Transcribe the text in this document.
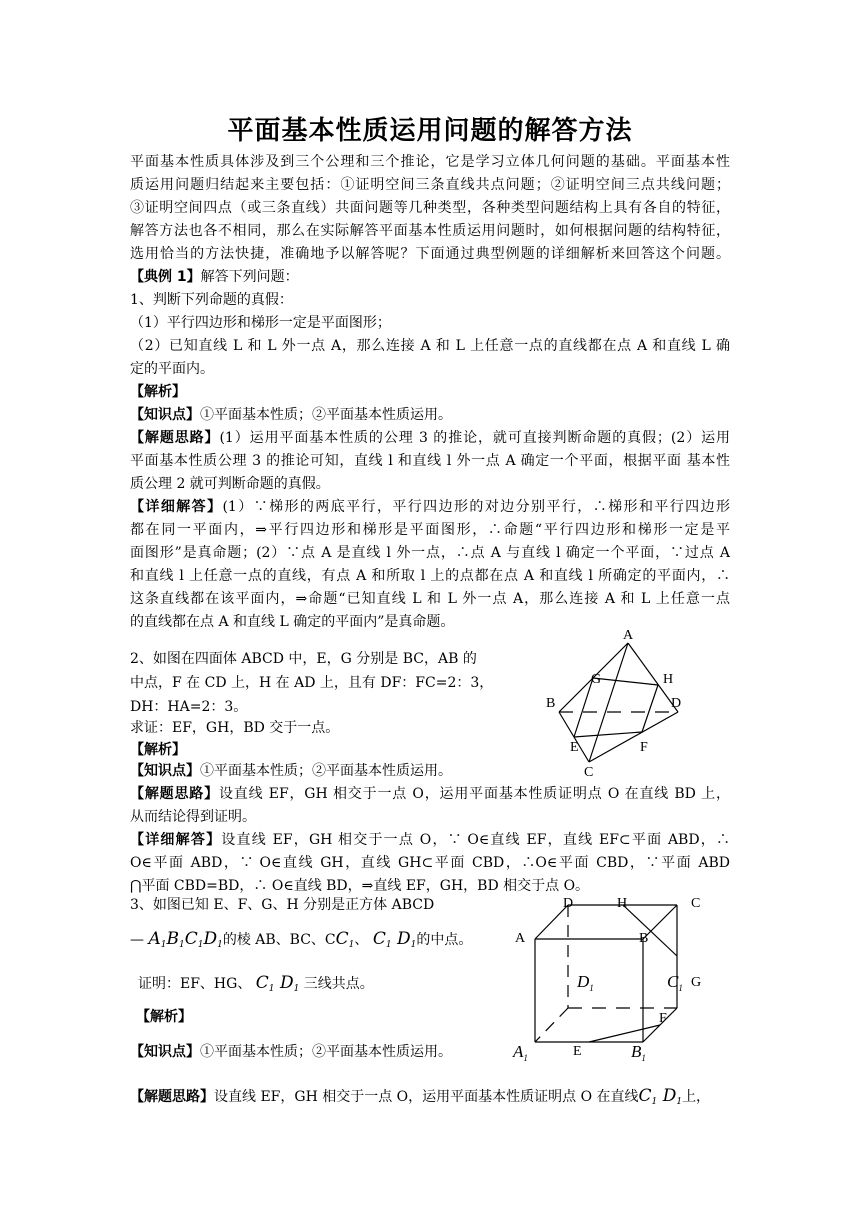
平面基本性质运用问题的解答方法
平面基本性质具体涉及到三个公理和三个推论，它是学习立体几何问题的基础。平面基本性
质运用问题归结起来主要包括：①证明空间三条直线共点问题；②证明空间三点共线问题；
③证明空间四点（或三条直线）共面问题等几种类型，各种类型问题结构上具有各自的特征，
解答方法也各不相同，那么在实际解答平面基本性质运用问题时，如何根据问题的结构特征，
选用恰当的方法快捷，准确地予以解答呢？下面通过典型例题的详细解析来回答这个问题。
【典例 1】解答下列问题：
1、判断下列命题的真假：
（1）平行四边形和梯形一定是平面图形；
（2）已知直线 L 和 L 外一点 A，那么连接 A 和 L 上任意一点的直线都在点 A 和直线 L 确
定的平面内。
【解析】
【知识点】①平面基本性质；②平面基本性质运用。
【解题思路】(1）运用平面基本性质的公理 3 的推论，就可直接判断命题的真假；(2）运用
平面基本性质公理 3 的推论可知，直线 l 和直线 l 外一点 A 确定一个平面，根据平面 基本性
质公理 2 就可判断命题的真假。
【详细解答】(1）∵梯形的两底平行，平行四边形的对边分别平行，∴梯形和平行四边形
都在同一平面内，⇒平行四边形和梯形是平面图形，∴命题“平行四边形和梯形一定是平
面图形”是真命题；(2）∵点 A 是直线 l 外一点，∴点 A 与直线 l 确定一个平面，∵过点 A
和直线 l 上任意一点的直线，有点 A 和所取 l 上的点都在点 A 和直线 l 所确定的平面内，∴
这条直线都在该平面内，⇒命题“已知直线 L 和 L 外一点 A，那么连接 A 和 L 上任意一点
的直线都在点 A 和直线 L 确定的平面内”是真命题。
2、如图在四面体 ABCD 中，E，G 分别是 BC，AB 的
中点，F 在 CD 上，H 在 AD 上，且有 DF：FC=2：3，
DH：HA=2：3。
求证：EF，GH，BD 交于一点。
【解析】
【知识点】①平面基本性质；②平面基本性质运用。
【解题思路】设直线 EF，GH 相交于一点 O，运用平面基本性质证明点 O 在直线 BD 上，
从而结论得到证明。
【详细解答】设直线 EF，GH 相交于一点 O，∵ O∈直线 EF，直线 EF⊂平面 ABD，∴
O∈平面 ABD，∵ O∈直线 GH，直线 GH⊂平面 CBD，∴O∈平面 CBD，∵平面 ABD
⋂平面 CBD=BD，∴ O∈直线 BD，⇒直线 EF，GH，BD 相交于点 O。
A
B
C
D
E	F
G	H
3、如图已知 E、F、G、H 分别是正方体 ABCD
— $A_1B_1C_1D_1$的棱 AB、BC、$CC_1$、 $C_1$ $D_1$的中点。
证明：EF、HG、 $C_1$ $D_1$ 三线共点。
【解析】
【知识点】①平面基本性质；②平面基本性质运用。
【解题思路】设直线 EF，GH 相交于一点 O，运用平面基本性质证明点 O 在直线$C_1$ $D_1$上，
D	H	C
A	B
G
F
E
$D_1$	$C_1$
$A_1$	$B_1$
